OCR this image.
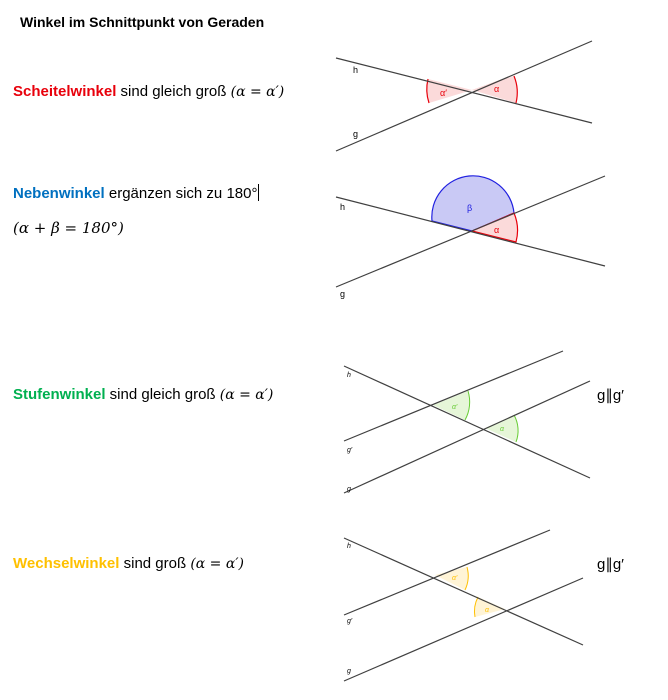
Winkel im Schnittpunkt von Geraden
Scheitelwinkel sind gleich groß (α = α′)
Nebenwinkel ergänzen sich zu 180°
(α + β = 180°)
Stufenwinkel sind gleich groß (α = α′)	g∥g′
Wechselwinkel sind groß (α = α′)	g∥g′
h
g
α′	α
h
g
β
α
h
g′
g
α′
α
h
g′
g
α′
α
